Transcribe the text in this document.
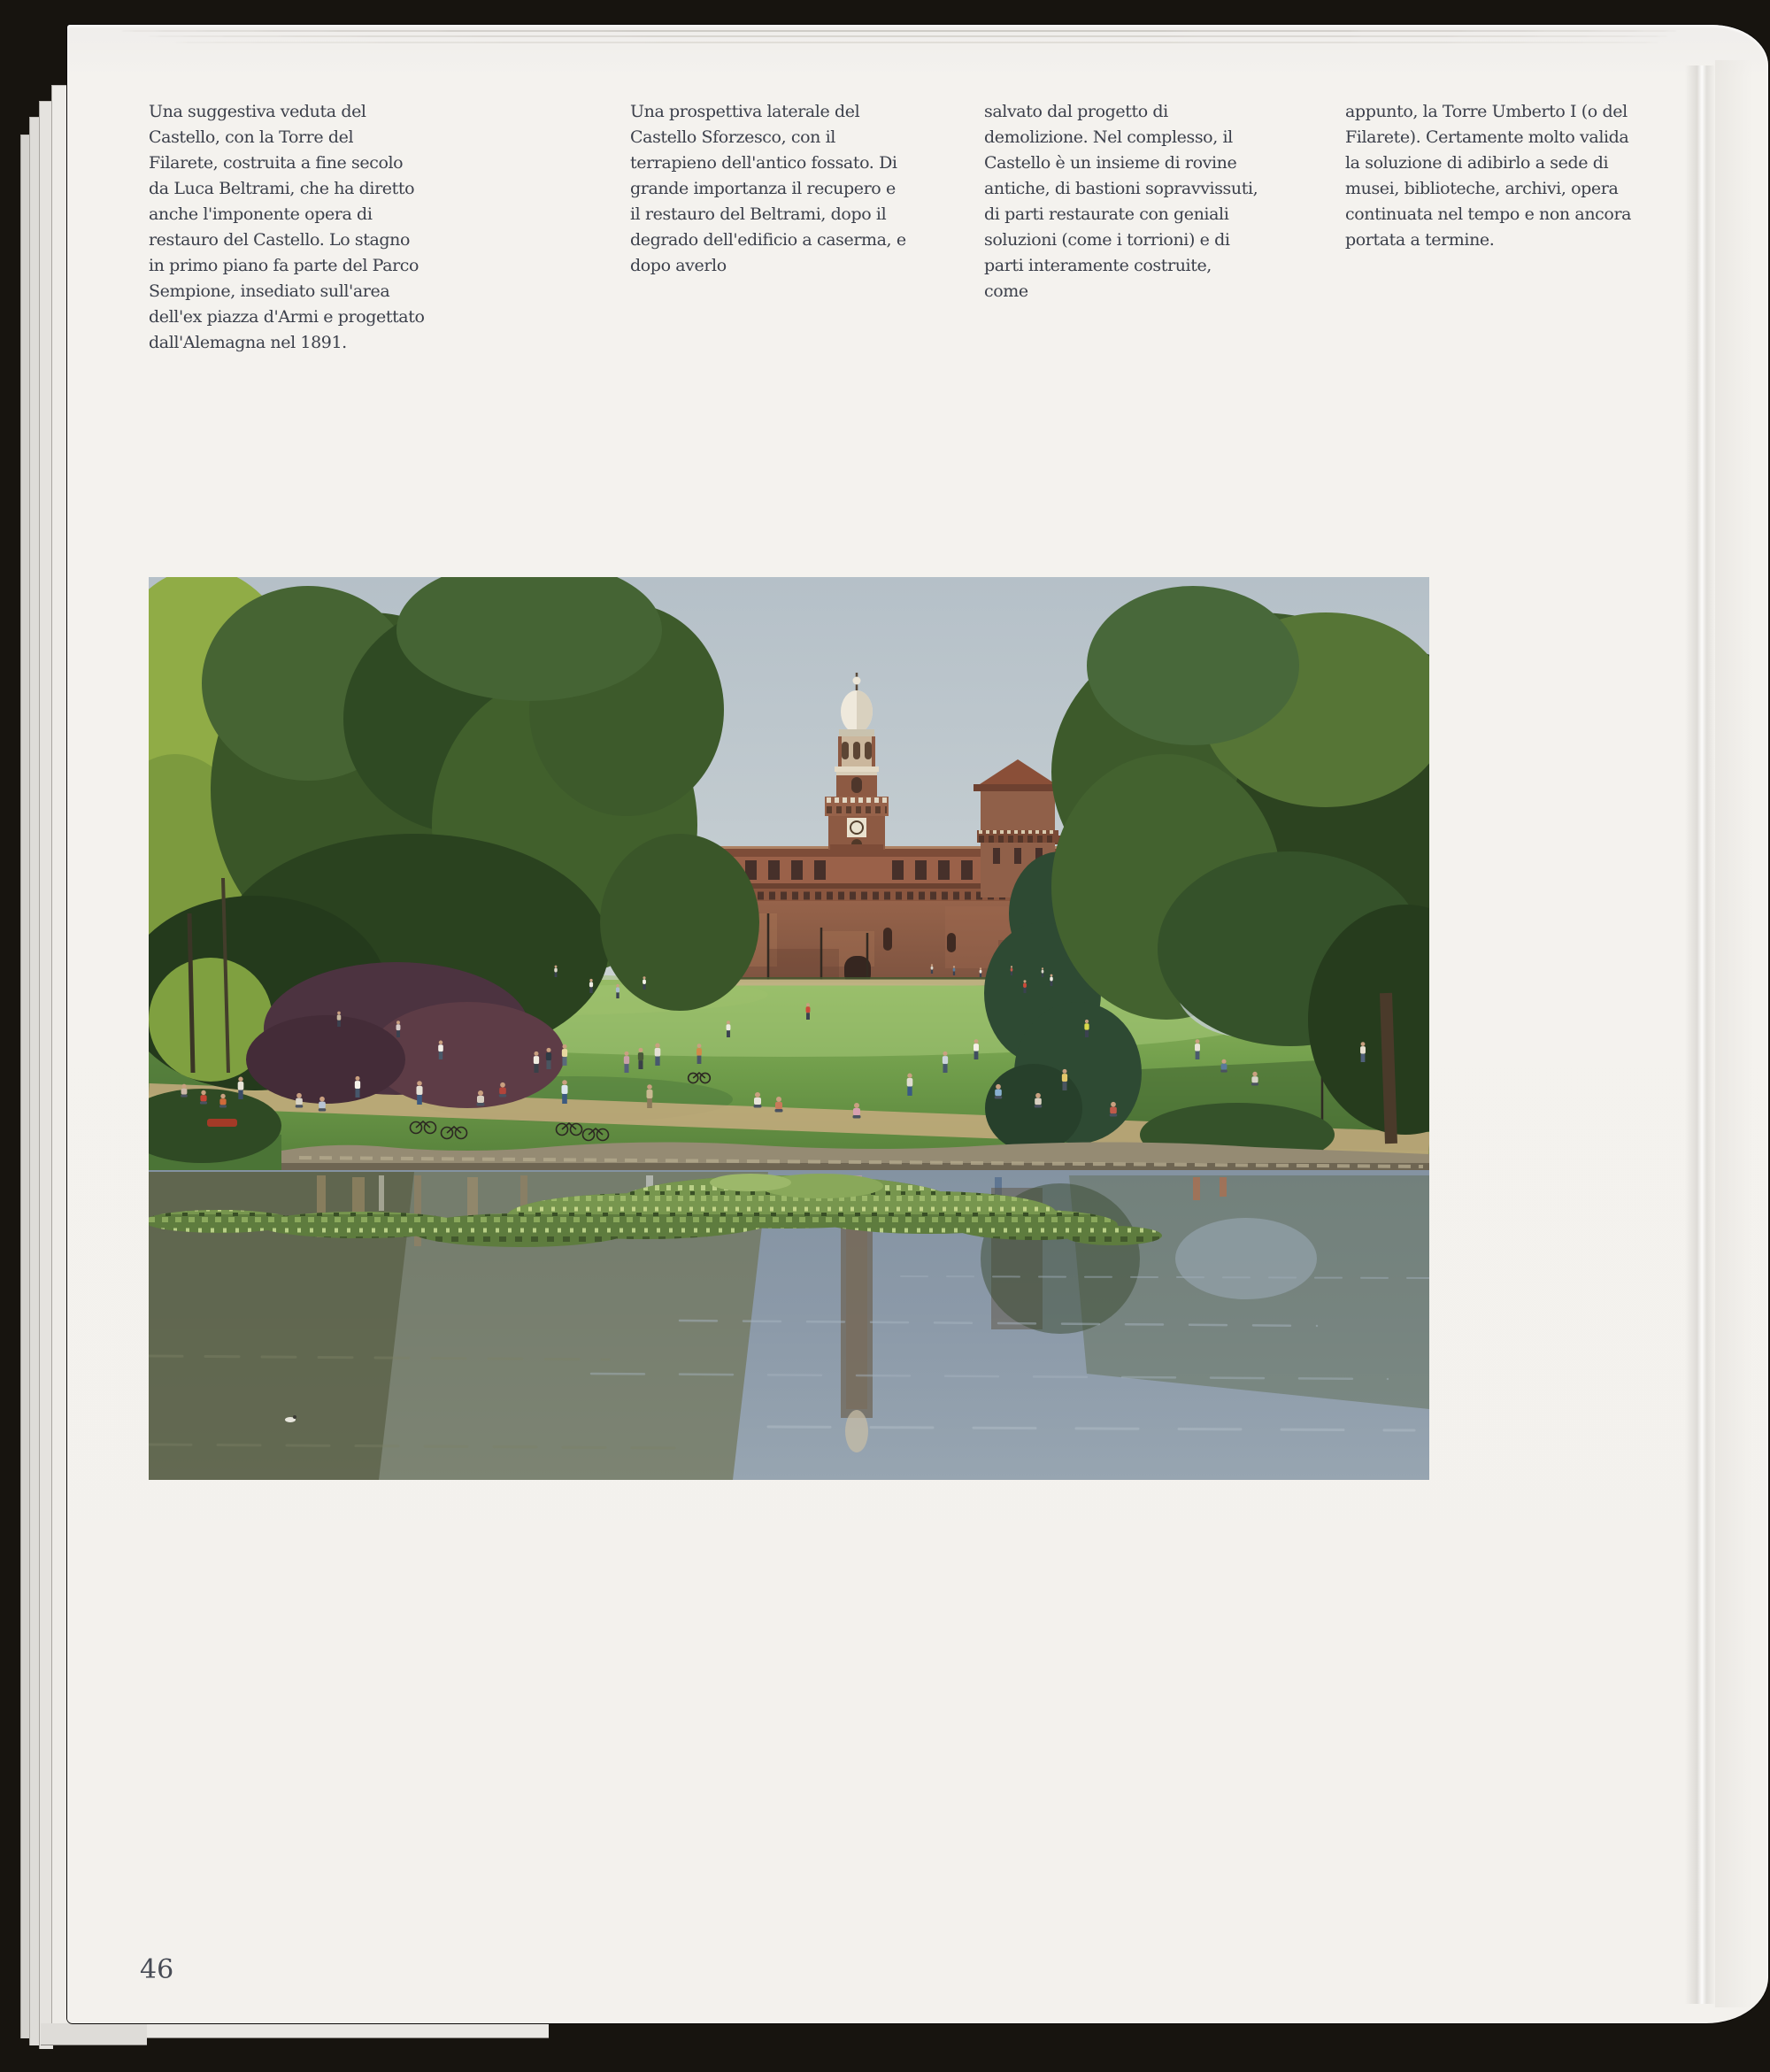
Una suggestiva veduta del Castello, con la Torre del Filarete, costruita a fine secolo da Luca Beltrami, che ha diretto anche l'imponente opera di restauro del Castello. Lo stagno in primo piano fa parte del Parco Sempione, insediato sull'area dell'ex piazza d'Armi e progettato dall'Alemagna nel 1891.
Una prospettiva laterale del Castello Sforzesco, con il terrapieno dell'antico fossato. Di grande importanza il recupero e il restauro del Beltrami, dopo il degrado dell'edificio a caserma, e dopo averlo
salvato dal progetto di demolizione. Nel complesso, il Castello è un insieme di rovine antiche, di bastioni sopravvissuti, di parti restaurate con geniali soluzioni (come i torrioni) e di parti interamente costruite, come
appunto, la Torre Umberto I (o del Filarete). Certamente molto valida la soluzione di adibirlo a sede di musei, biblioteche, archivi, opera continuata nel tempo e non ancora portata a termine.
46
